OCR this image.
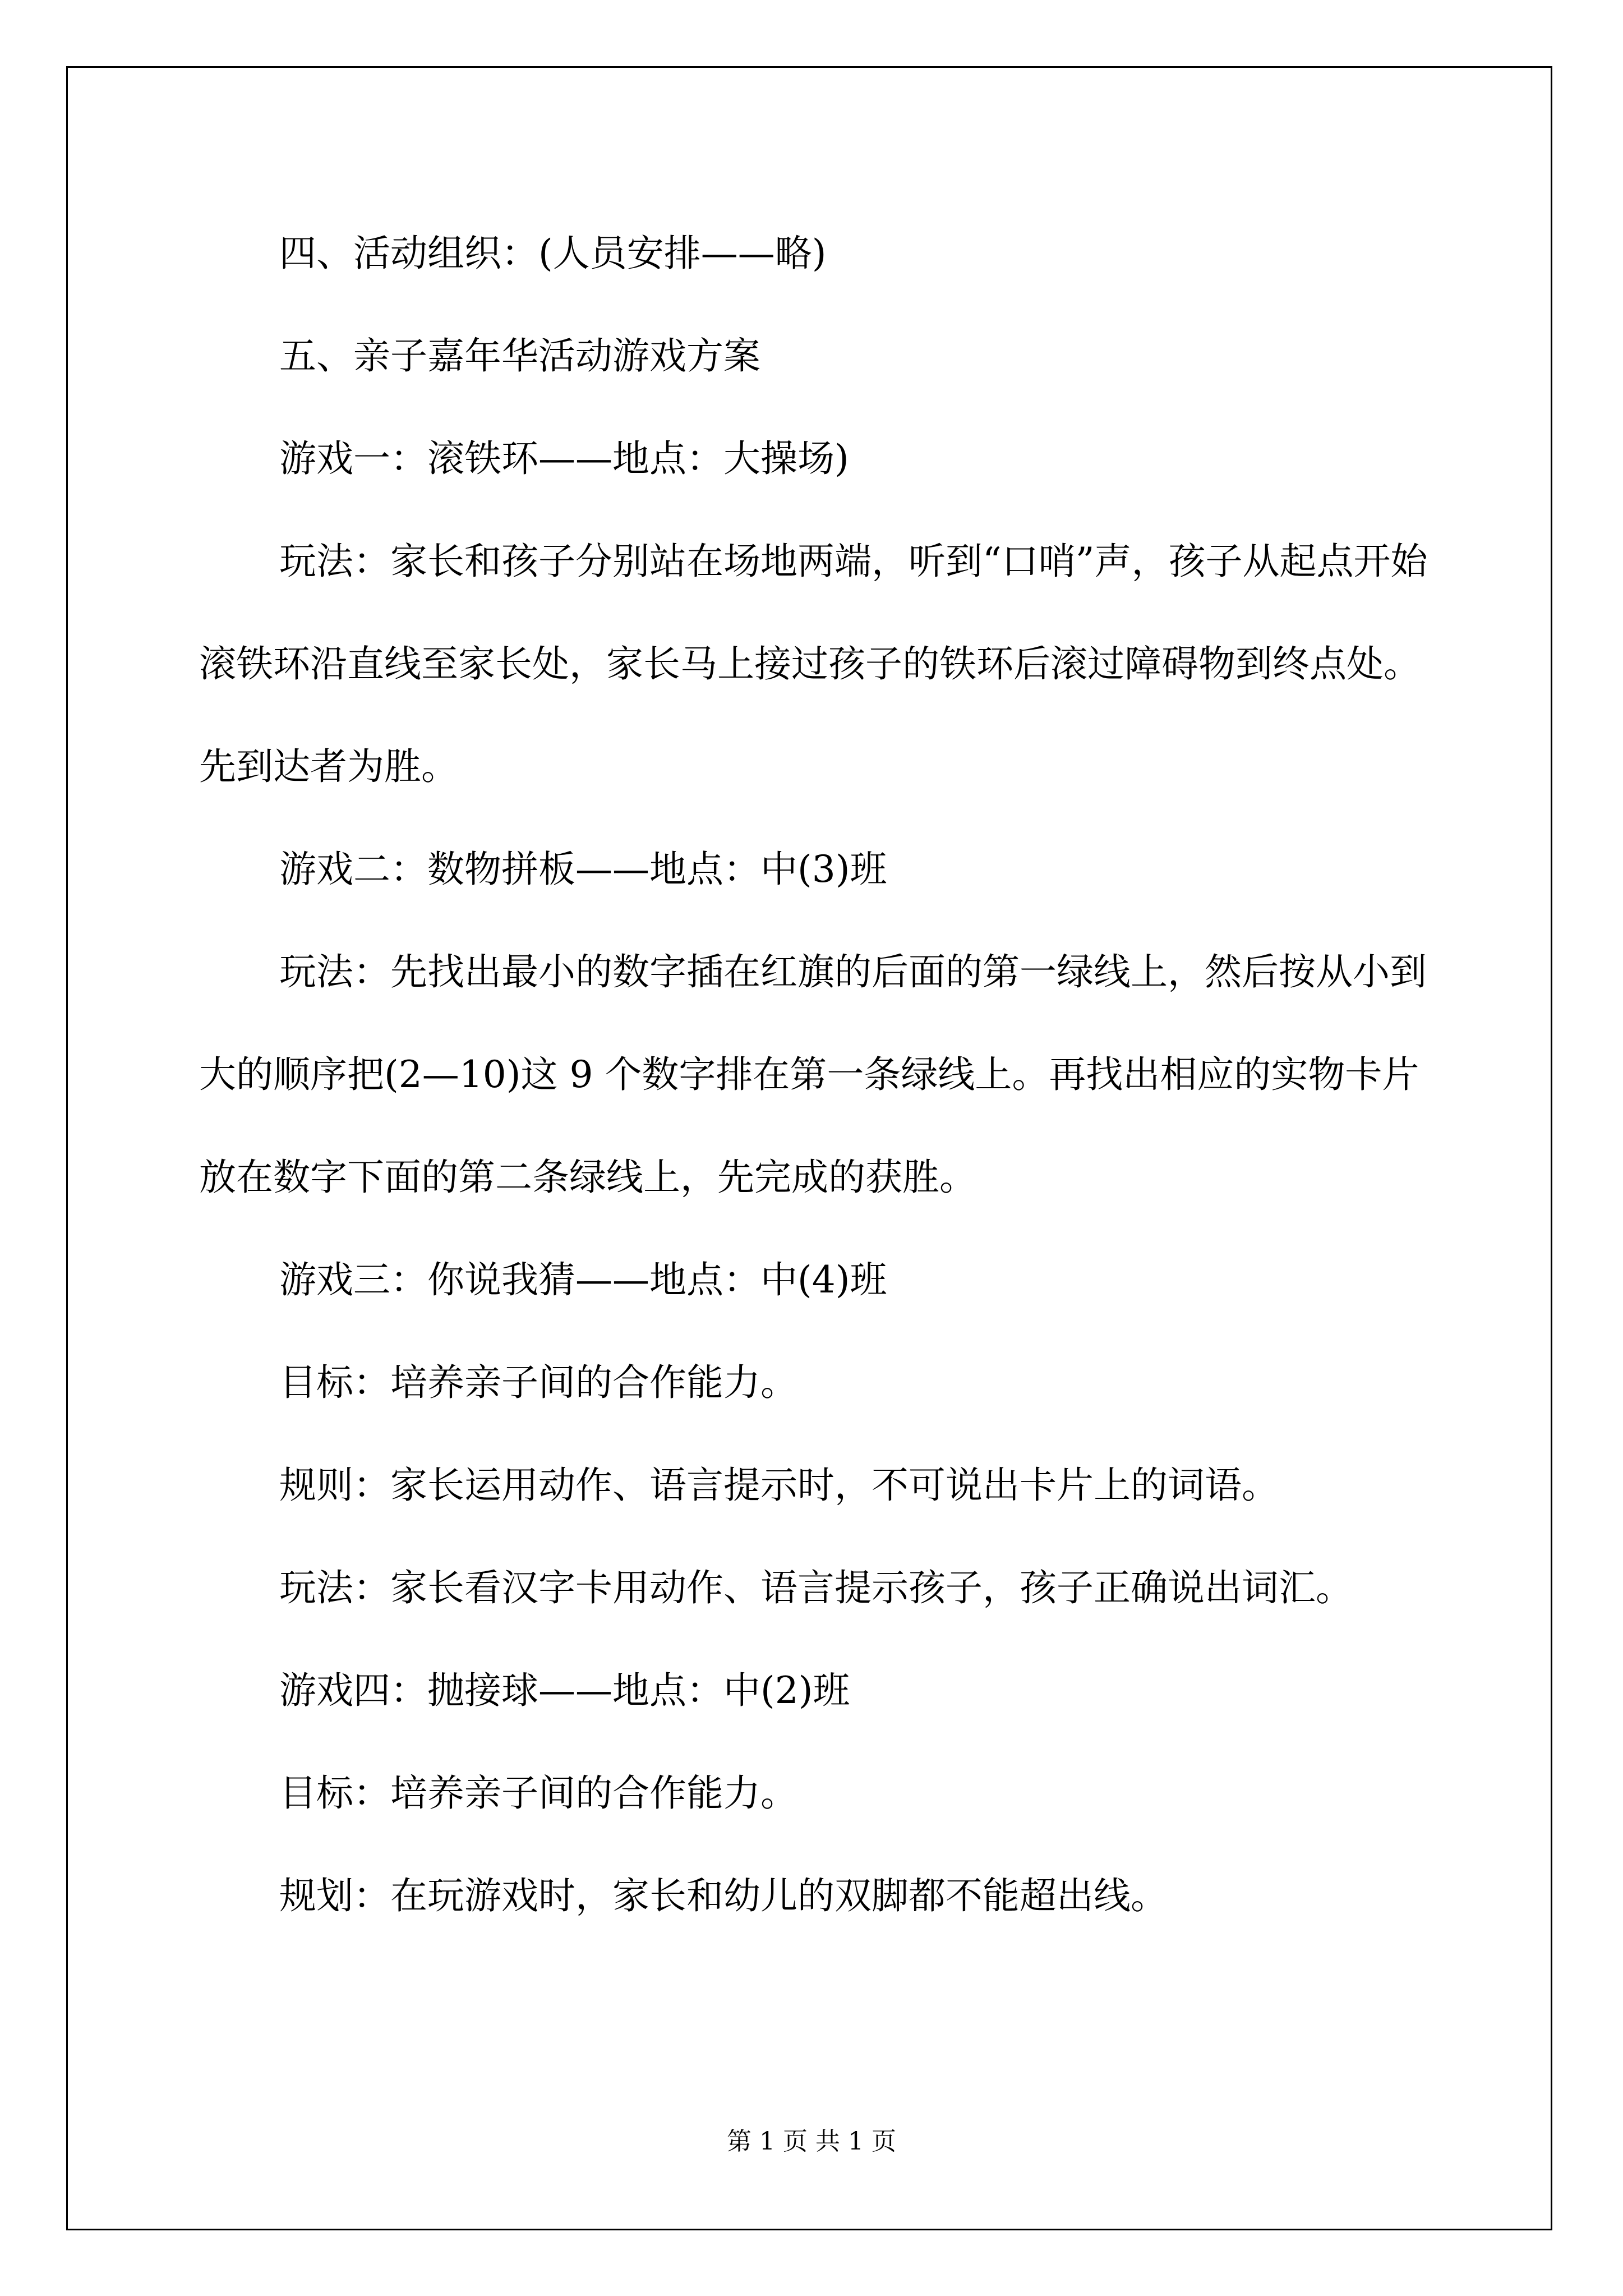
四、活动组织：(人员安排——略)

五、亲子嘉年华活动游戏方案

游戏一：滚铁环——地点：大操场)

玩法：家长和孩子分别站在场地两端，听到“口哨”声，孩子从起点开始滚铁环沿直线至家长处，家长马上接过孩子的铁环后滚过障碍物到终点处。先到达者为胜。

游戏二：数物拼板——地点：中(3)班

玩法：先找出最小的数字插在红旗的后面的第一绿线上，然后按从小到大的顺序把(2—10)这 9 个数字排在第一条绿线上。再找出相应的实物卡片放在数字下面的第二条绿线上，先完成的获胜。

游戏三：你说我猜——地点：中(4)班

目标：培养亲子间的合作能力。

规则：家长运用动作、语言提示时，不可说出卡片上的词语。

玩法：家长看汉字卡用动作、语言提示孩子，孩子正确说出词汇。

游戏四：抛接球——地点：中(2)班

目标：培养亲子间的合作能力。

规划：在玩游戏时，家长和幼儿的双脚都不能超出线。

第 1 页 共 1 页
